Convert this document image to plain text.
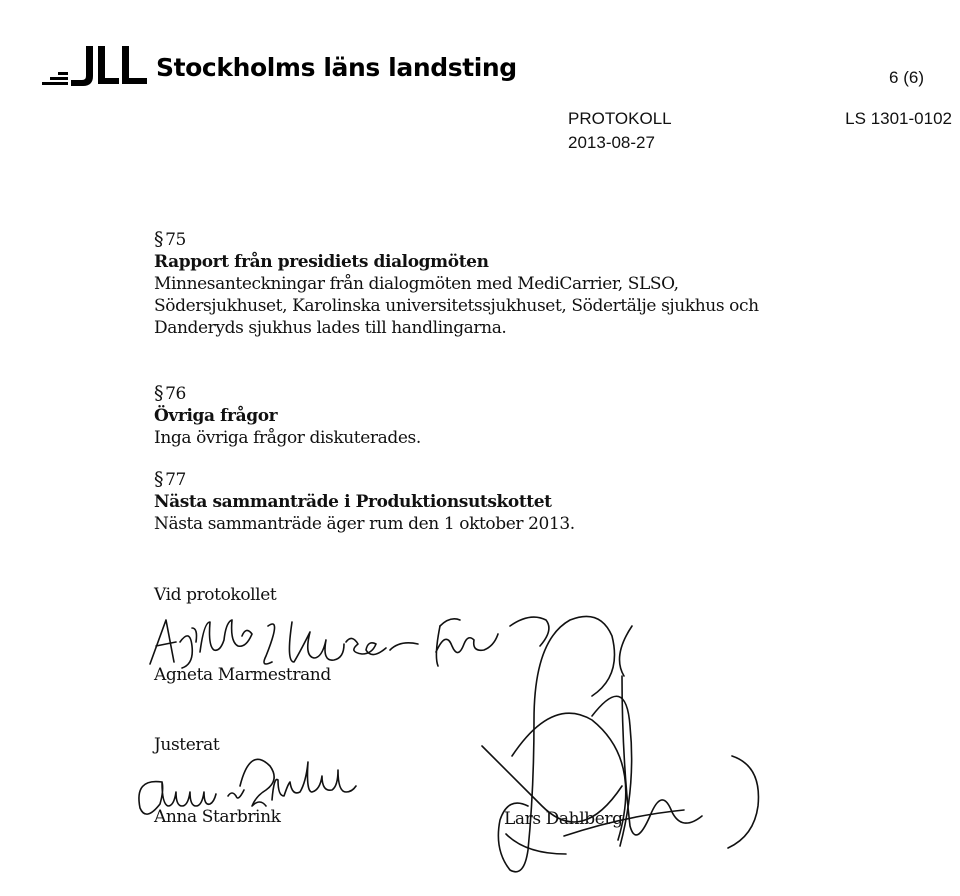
Stockholms läns landsting	6 (6)
PROTOKOLL
2013-08-27
LS 1301-0102
§ 75
Rapport från presidiets dialogmöten
Minnesanteckningar från dialogmöten med MediCarrier, SLSO,
Södersjukhuset, Karolinska universitetssjukhuset, Södertälje sjukhus och
Danderyds sjukhus lades till handlingarna.
§ 76
Övriga frågor
Inga övriga frågor diskuterades.
§ 77
Nästa sammanträde i Produktionsutskottet
Nästa sammanträde äger rum den 1 oktober 2013.
Vid protokollet
Agneta Marmestrand
Justerat
Anna Starbrink	Lars Dahlberg
